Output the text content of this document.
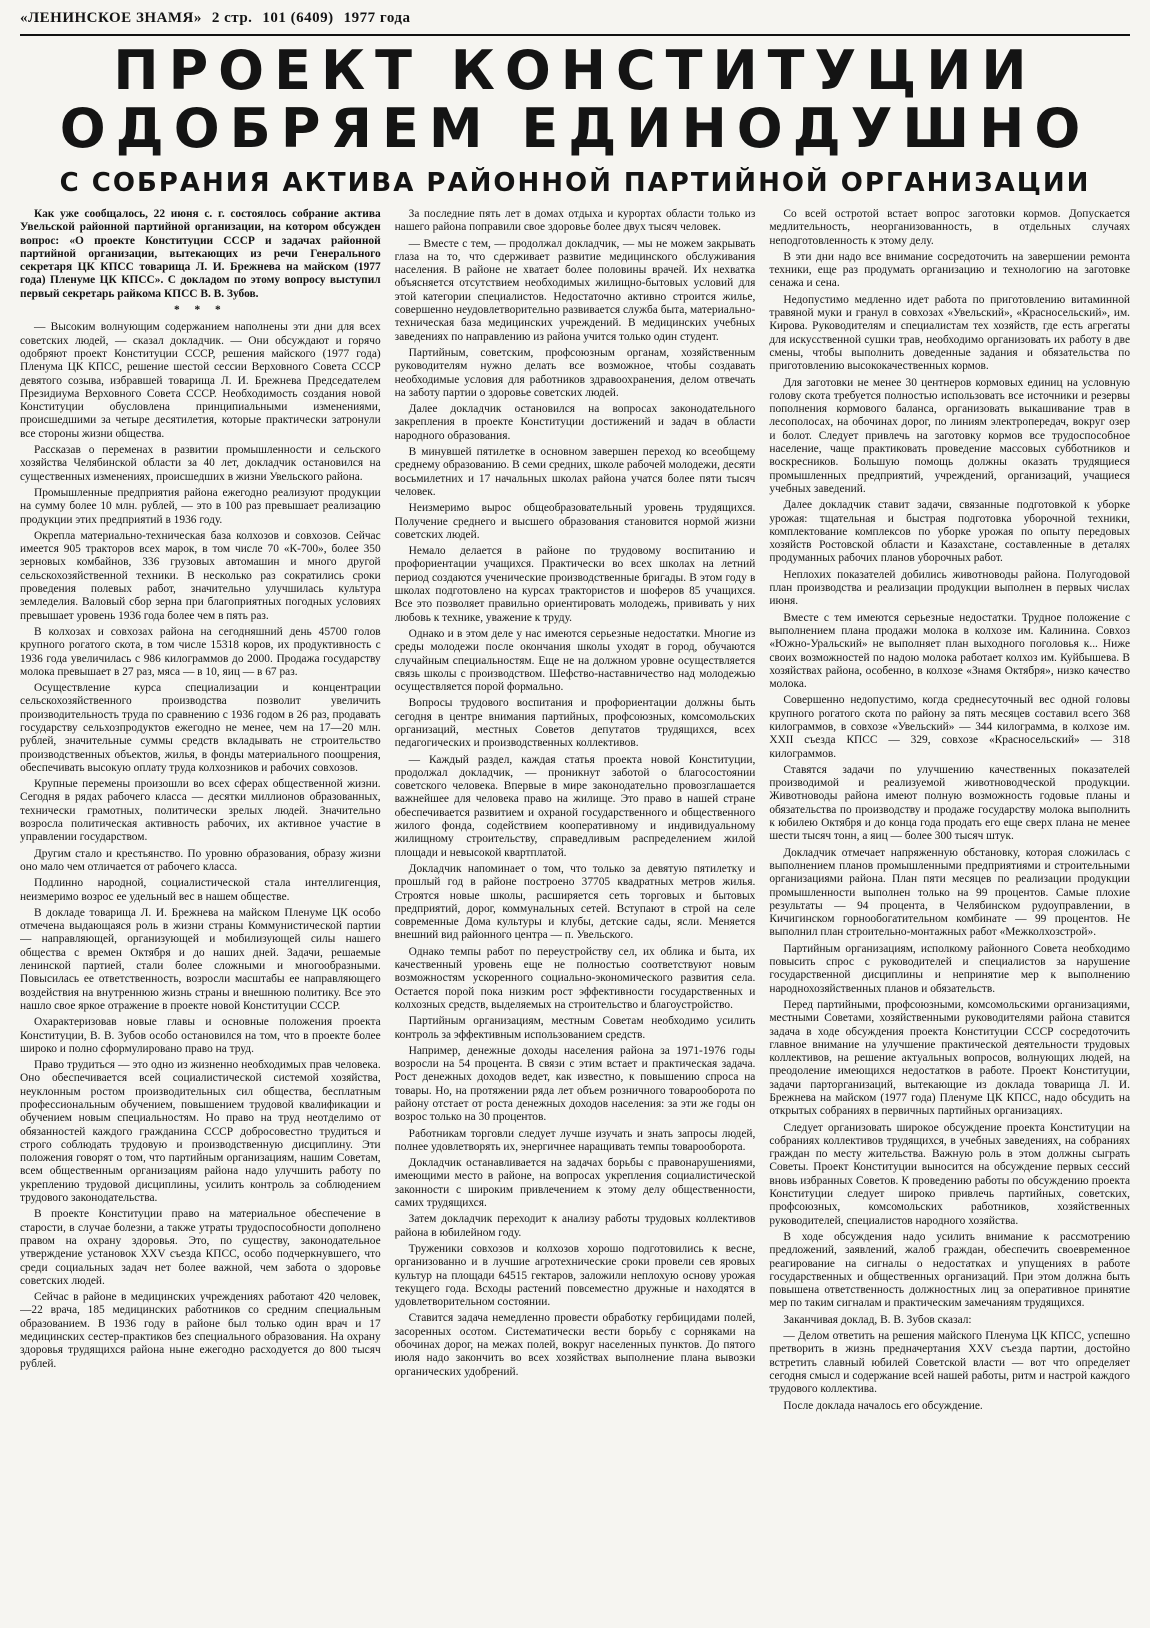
«ЛЕНИНСКОЕ ЗНАМЯ» 2 стр. 101 (6409) 1977 года
ПРОЕКТ КОНСТИТУЦИИ
ОДОБРЯЕМ ЕДИНОДУШНО
С СОБРАНИЯ АКТИВА РАЙОННОЙ ПАРТИЙНОЙ ОРГАНИЗАЦИИ

Как уже сообщалось, 22 июня с. г. состоялось собрание актива Увельской районной партийной организации, на котором обсужден вопрос: «О проекте Конституции СССР и задачах районной партийной организации, вытекающих из речи Генерального секретаря ЦК КПСС товарища Л. И. Брежнева на майском (1977 года) Пленуме ЦК КПСС». С докладом по этому вопросу выступил первый секретарь райкома КПСС В. В. Зубов.

* * *

— Высоким волнующим содержанием наполнены эти дни для всех советских людей, — сказал докладчик. — Они обсуждают и горячо одобряют проект Конституции СССР, решения майского (1977 года) Пленума ЦК КПСС, решение шестой сессии Верховного Совета СССР девятого созыва, избравшей товарища Л. И. Брежнева Председателем Президиума Верховного Совета СССР. Необходимость создания новой Конституции обусловлена принципиальными изменениями, происшедшими за четыре десятилетия, которые практически затронули все стороны жизни общества.

Рассказав о переменах в развитии промышленности и сельского хозяйства Челябинской области за 40 лет, докладчик остановился на существенных изменениях, происшедших в жизни Увельского района.

Промышленные предприятия района ежегодно реализуют продукции на сумму более 10 млн. рублей, — это в 100 раз превышает реализацию продукции этих предприятий в 1936 году.

Окрепла материально-техническая база колхозов и совхозов. Сейчас имеется 905 тракторов всех марок, в том числе 70 «К-700», более 350 зерновых комбайнов, 336 грузовых автомашин и много другой сельскохозяйственной техники. В несколько раз сократились сроки проведения полевых работ, значительно улучшилась культура земледелия. Валовый сбор зерна при благоприятных погодных условиях превышает уровень 1936 года более чем в пять раз.

В колхозах и совхозах района на сегодняшний день 45700 голов крупного рогатого скота, в том числе 15318 коров, их продуктивность с 1936 года увеличилась с 986 килограммов до 2000. Продажа государству молока превышает в 27 раз, мяса — в 10, яиц — в 67 раз.

Осуществление курса специализации и концентрации сельскохозяйственного производства позволит увеличить производительность труда по сравнению с 1936 годом в 26 раз, продавать государству сельхозпродуктов ежегодно не менее, чем на 17—20 млн. рублей, значительные суммы средств вкладывать не строительство производственных объектов, жилья, в фонды материального поощрения, обеспечивать высокую оплату труда колхозников и рабочих совхозов.

Крупные перемены произошли во всех сферах общественной жизни. Сегодня в рядах рабочего класса — десятки миллионов образованных, технически грамотных, политически зрелых людей. Значительно возросла политическая активность рабочих, их активное участие в управлении государством.

Другим стало и крестьянство. По уровню образования, образу жизни оно мало чем отличается от рабочего класса.

Подлинно народной, социалистической стала интеллигенция, неизмеримо возрос ее удельный вес в нашем обществе.

В докладе товарища Л. И. Брежнева на майском Пленуме ЦК особо отмечена выдающаяся роль в жизни страны Коммунистической партии — направляющей, организующей и мобилизующей силы нашего общества с времен Октября и до наших дней. Задачи, решаемые ленинской партией, стали более сложными и многообразными. Повысилась ее ответственность, возросли масштабы ее направляющего воздействия на внутреннюю жизнь страны и внешнюю политику. Все это нашло свое яркое отражение в проекте новой Конституции СССР.

Охарактеризовав новые главы и основные положения проекта Конституции, В. В. Зубов особо остановился на том, что в проекте более широко и полно сформулировано право на труд.

Право трудиться — это одно из жизненно необходимых прав человека. Оно обеспечивается всей социалистической системой хозяйства, неуклонным ростом производительных сил общества, бесплатным профессиональным обучением, повышением трудовой квалификации и обучением новым специальностям. Но право на труд неотделимо от обязанностей каждого гражданина СССР добросовестно трудиться и строго соблюдать трудовую и производственную дисциплину. Эти положения говорят о том, что партийным организациям, нашим Советам, всем общественным организациям района надо улучшить работу по укреплению трудовой дисциплины, усилить контроль за соблюдением трудового законодательства.

В проекте Конституции право на материальное обеспечение в старости, в случае болезни, а также утраты трудоспособности дополнено правом на охрану здоровья. Это, по существу, законодательное утверждение установок XXV съезда КПСС, особо подчеркнувшего, что среди социальных задач нет более важной, чем забота о здоровье советских людей.

Сейчас в районе в медицинских учреждениях работают 420 человек, —22 врача, 185 медицинских работников со средним специальным образованием. В 1936 году в районе был только один врач и 17 медицинских сестер-практиков без специального образования. На охрану здоровья трудящихся района ныне ежегодно расходуется до 800 тысяч рублей.

За последние пять лет в домах отдыха и курортах области только из нашего района поправили свое здоровье более двух тысяч человек.

— Вместе с тем, — продолжал докладчик, — мы не можем закрывать глаза на то, что сдерживает развитие медицинского обслуживания населения. В районе не хватает более половины врачей. Их нехватка объясняется отсутствием необходимых жилищно-бытовых условий для этой категории специалистов. Недостаточно активно строится жилье, совершенно неудовлетворительно развивается служба быта, материально-техническая база медицинских учреждений. В медицинских учебных заведениях по направлению из района учится только один студент.

Партийным, советским, профсоюзным органам, хозяйственным руководителям нужно делать все возможное, чтобы создавать необходимые условия для работников здравоохранения, делом отвечать на заботу партии о здоровье советских людей.

Далее докладчик остановился на вопросах законодательного закрепления в проекте Конституции достижений и задач в области народного образования.

В минувшей пятилетке в основном завершен переход ко всеобщему среднему образованию. В семи средних, школе рабочей молодежи, десяти восьмилетних и 17 начальных школах района учатся более пяти тысяч человек.

Неизмеримо вырос общеобразовательный уровень трудящихся. Получение среднего и высшего образования становится нормой жизни советских людей.

Немало делается в районе по трудовому воспитанию и профориентации учащихся. Практически во всех школах на летний период создаются ученические производственные бригады. В этом году в школах подготовлено на курсах трактористов и шоферов 85 учащихся. Все это позволяет правильно ориентировать молодежь, прививать у них любовь к технике, уважение к труду.

Однако и в этом деле у нас имеются серьезные недостатки. Многие из среды молодежи после окончания школы уходят в город, обучаются случайным специальностям. Еще не на должном уровне осуществляется связь школы с производством. Шефство-наставничество над молодежью осуществляется порой формально.

Вопросы трудового воспитания и профориентации должны быть сегодня в центре внимания партийных, профсоюзных, комсомольских организаций, местных Советов депутатов трудящихся, всех педагогических и производственных коллективов.

— Каждый раздел, каждая статья проекта новой Конституции, продолжал докладчик, — проникнут заботой о благосостоянии советского человека. Впервые в мире законодательно провозглашается важнейшее для человека право на жилище. Это право в нашей стране обеспечивается развитием и охраной государственного и общественного жилого фонда, содействием кооперативному и индивидуальному жилищному строительству, справедливым распределением жилой площади и невысокой квартплатой.

Докладчик напоминает о том, что только за девятую пятилетку и прошлый год в районе построено 37705 квадратных метров жилья. Строятся новые школы, расширяется сеть торговых и бытовых предприятий, дорог, коммунальных сетей. Вступают в строй на селе современные Дома культуры и клубы, детские сады, ясли. Меняется внешний вид районного центра — п. Увельского.

Однако темпы работ по переустройству сел, их облика и быта, их качественный уровень еще не полностью соответствуют новым возможностям ускоренного социально-экономического развития села. Остается порой пока низким рост эффективности государственных и колхозных средств, выделяемых на строительство и благоустройство.

Партийным организациям, местным Советам необходимо усилить контроль за эффективным использованием средств.

Например, денежные доходы населения района за 1971-1976 годы возросли на 54 процента. В связи с этим встает и практическая задача. Рост денежных доходов ведет, как известно, к повышению спроса на товары. Но, на протяжении ряда лет объем розничного товарооборота по району отстает от роста денежных доходов населения: за эти же годы он возрос только на 30 процентов.

Работникам торговли следует лучше изучать и знать запросы людей, полнее удовлетворять их, энергичнее наращивать темпы товарооборота.

Докладчик останавливается на задачах борьбы с правонарушениями, имеющими место в районе, на вопросах укрепления социалистической законности с широким привлечением к этому делу общественности, самих трудящихся.

Затем докладчик переходит к анализу работы трудовых коллективов района в юбилейном году.

Труженики совхозов и колхозов хорошо подготовились к весне, организованно и в лучшие агротехнические сроки провели сев яровых культур на площади 64515 гектаров, заложили неплохую основу урожая текущего года. Всходы растений повсеместно дружные и находятся в удовлетворительном состоянии.

Ставится задача немедленно провести обработку гербицидами полей, засоренных осотом. Систематически вести борьбу с сорняками на обочинах дорог, на межах полей, вокруг населенных пунктов. До пятого июля надо закончить во всех хозяйствах выполнение плана вывозки органических удобрений.

Со всей остротой встает вопрос заготовки кормов. Допускается медлительность, неорганизованность, в отдельных случаях неподготовленность к этому делу.

В эти дни надо все внимание сосредоточить на завершении ремонта техники, еще раз продумать организацию и технологию на заготовке сенажа и сена.

Недопустимо медленно идет работа по приготовлению витаминной травяной муки и гранул в совхозах «Увельский», «Красносельский», им. Кирова. Руководителям и специалистам тех хозяйств, где есть агрегаты для искусственной сушки трав, необходимо организовать их работу в две смены, чтобы выполнить доведенные задания и обязательства по приготовлению высококачественных кормов.

Для заготовки не менее 30 центнеров кормовых единиц на условную голову скота требуется полностью использовать все источники и резервы пополнения кормового баланса, организовать выкашивание трав в лесополосах, на обочинах дорог, по линиям электропередач, вокруг озер и болот. Следует привлечь на заготовку кормов все трудоспособное население, чаще практиковать проведение массовых субботников и воскресников. Большую помощь должны оказать трудящиеся промышленных предприятий, учреждений, организаций, учащиеся учебных заведений.

Далее докладчик ставит задачи, связанные подготовкой к уборке урожая: тщательная и быстрая подготовка уборочной техники, комплектование комплексов по уборке урожая по опыту передовых хозяйств Ростовской области и Казахстане, составленные в деталях продуманных рабочих планов уборочных работ.

Неплохих показателей добились животноводы района. Полугодовой план производства и реализации продукции выполнен в первых числах июня.

Вместе с тем имеются серьезные недостатки. Трудное положение с выполнением плана продажи молока в колхозе им. Калинина. Совхоз «Южно-Уральский» не выполняет план выходного поголовья к... Ниже своих возможностей по надою молока работает колхоз им. Куйбышева. В хозяйствах района, особенно, в колхозе «Знамя Октября», низко качество молока.

Совершенно недопустимо, когда среднесуточный вес одной головы крупного рогатого скота по району за пять месяцев составил всего 368 килограммов, в совхозе «Увельский» — 344 килограмма, в колхозе им. XXII съезда КПСС — 329, совхозе «Красносельский» — 318 килограммов.

Ставятся задачи по улучшению качественных показателей производимой и реализуемой животноводческой продукции. Животноводы района имеют полную возможность годовые планы и обязательства по производству и продаже государству молока выполнить к юбилею Октября и до конца года продать его еще сверх плана не менее шести тысяч тонн, а яиц — более 300 тысяч штук.

Докладчик отмечает напряженную обстановку, которая сложилась с выполнением планов промышленными предприятиями и строительными организациями района. План пяти месяцев по реализации продукции промышленности выполнен только на 99 процентов. Самые плохие результаты — 94 процента, в Челябинском рудоуправлении, в Кичигинском горнообогатительном комбинате — 99 процентов. Не выполнил план строительно-монтажных работ «Межколхозстрой».

Партийным организациям, исполкому районного Совета необходимо повысить спрос с руководителей и специалистов за нарушение государственной дисциплины и непринятие мер к выполнению народнохозяйственных планов и обязательств.

Перед партийными, профсоюзными, комсомольскими организациями, местными Советами, хозяйственными руководителями района ставится задача в ходе обсуждения проекта Конституции СССР сосредоточить главное внимание на улучшение практической деятельности трудовых коллективов, на решение актуальных вопросов, волнующих людей, на преодоление имеющихся недостатков в работе. Проект Конституции, задачи парторганизаций, вытекающие из доклада товарища Л. И. Брежнева на майском (1977 года) Пленуме ЦК КПСС, надо обсудить на открытых собраниях в первичных партийных организациях.

Следует организовать широкое обсуждение проекта Конституции на собраниях коллективов трудящихся, в учебных заведениях, на собраниях граждан по месту жительства. Важную роль в этом должны сыграть Советы. Проект Конституции выносится на обсуждение первых сессий вновь избранных Советов. К проведению работы по обсуждению проекта Конституции следует широко привлечь партийных, советских, профсоюзных, комсомольских работников, хозяйственных руководителей, специалистов народного хозяйства.

В ходе обсуждения надо усилить внимание к рассмотрению предложений, заявлений, жалоб граждан, обеспечить своевременное реагирование на сигналы о недостатках и упущениях в работе государственных и общественных организаций. При этом должна быть повышена ответственность должностных лиц за оперативное принятие мер по таким сигналам и практическим замечаниям трудящихся.

Заканчивая доклад, В. В. Зубов сказал:

— Делом ответить на решения майского Пленума ЦК КПСС, успешно претворить в жизнь предначертания XXV съезда партии, достойно встретить славный юбилей Советской власти — вот что определяет сегодня смысл и содержание всей нашей работы, ритм и настрой каждого трудового коллектива.

После доклада началось его обсуждение.
